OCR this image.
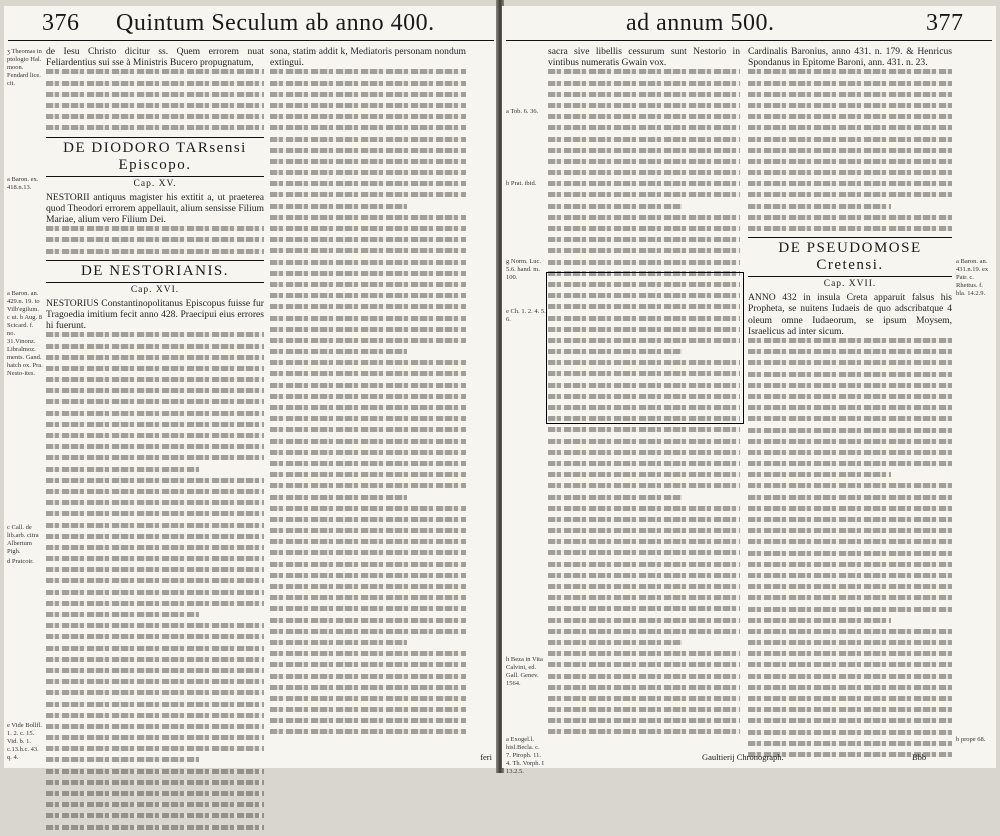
376 Quintum Seculum ab anno 400.
ʒ Theomas in ptologio Hal. moon. Fendard lice. cit.
a Baron. ex. 418.n.13.
a Baron. an. 429.n. 19. to Vilb'egilum. c ut. b Aug. 8 Scicard. f. no. 31.Vinonz. Libralmoz. ments. Gand. hatch ox. Pra. Nesto-ites.
c Call. de lib.arb. citra Albertum Pigh.
d Pratcoir.
e Vide Bollfl. 1. 2. c. 15. Vid. b. 1. c.13.h.c. 43. q. 4.

de Iesu Christo dicitur ss. Quem errorem nuat Feliardentius sui sse à Ministris Bucero propugnatum,

DE DIODORO TARsensi Episcopo.
Cap. XV.

NESTORII antiquus magister his extitit a, ut praeterea quod Theodori errorem appellauit, alium sensisse Filium Mariae, alium vero Filium Dei.

DE NESTORIANIS.
Cap. XVI.

NESTORIUS Constantinopolitanus Episcopus fuisse fur Tragoedia imitium fecit anno 428. Praecipui eius errores hi fuerunt.

sona, statim addit k, Mediatoris personam nondum extingui.

feri
ad annum 500.	377
a Tob. 6. 36.
b Prat. ibid.
g Norm. Luc. 5.6. hand. m. 100.
e Ch. 1. 2. 4. 5. 6.
h Beza in Vita Calvini, ed. Gall. Genev. 1564.
a Exogel.l. hisl.Becla. c. 7. Piroph. 11. 4. Th. Vorph. I 13.2.5.

sacra sive libellis cessurum sunt Nestorio in vintibus numeratis Gwain vox.

Cardinalis Baronius, anno 431. n. 179. & Henricus Spondanus in Epitome Baroni, ann. 431. n. 23.

DE PSEUDOMOSE Cretensi.
Cap. XVII.

ANNO 432 in insula Creta apparuit falsus his Propheta, se nuitens Iudaeis de quo adscribatque 4 oleum omne Iudaeorum, se ipsum Moysem, Israelicus ad inter sicum.

a Baron. an. 431.n.19. ex Patr. c. Rhettus. f. bla. 14.2.9.
b prope 68.
Gaultierij Chronograph.	Bbb
